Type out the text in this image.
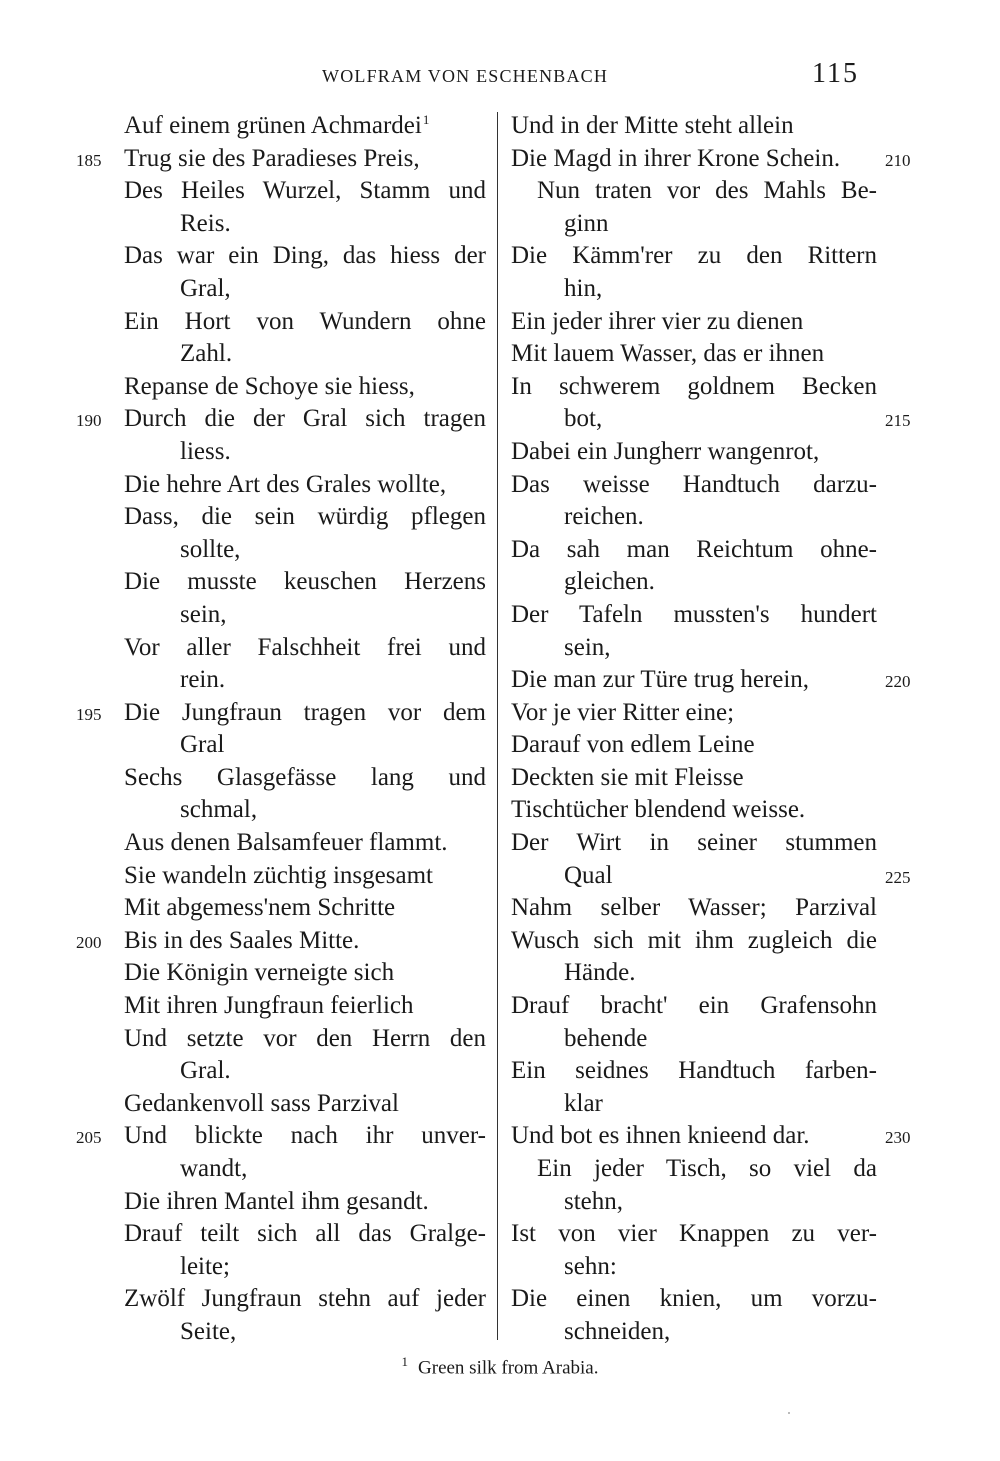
WOLFRAM VON ESCHENBACH	115
Auf einem grünen Achmardei$^1$
Trug sie des Paradieses Preis,
185
Des Heiles Wurzel, Stamm und
Reis.
Das war ein Ding, das hiess der
Gral,
Ein Hort von Wundern ohne
Zahl.
Repanse de Schoye sie hiess,
Durch die der Gral sich tragen
190
liess.
Die hehre Art des Grales wollte,
Dass, die sein würdig pflegen
sollte,
Die musste keuschen Herzens
sein,
Vor aller Falschheit frei und
rein.
Die Jungfraun tragen vor dem
195
Gral
Sechs Glasgefässe lang und
schmal,
Aus denen Balsamfeuer flammt.
Sie wandeln züchtig insgesamt
Mit abgemess'nem Schritte
Bis in des Saales Mitte.
200
Die Königin verneigte sich
Mit ihren Jungfraun feierlich
Und setzte vor den Herrn den
Gral.
Gedankenvoll sass Parzival
Und blickte nach ihr unver-
205
wandt,
Die ihren Mantel ihm gesandt.
Drauf teilt sich all das Gralge-
leite;
Zwölf Jungfraun stehn auf jeder
Seite,
Und in der Mitte steht allein
Die Magd in ihrer Krone Schein.	210
Nun traten vor des Mahls Be-
ginn
Die Kämm'rer zu den Rittern
hin,
Ein jeder ihrer vier zu dienen
Mit lauem Wasser, das er ihnen
In schwerem goldnem Becken
bot,	215
Dabei ein Jungherr wangenrot,
Das weisse Handtuch darzu-
reichen.
Da sah man Reichtum ohne-
gleichen.
Der Tafeln mussten's hundert
sein,
Die man zur Türe trug herein,	220
Vor je vier Ritter eine;
Darauf von edlem Leine
Deckten sie mit Fleisse
Tischtücher blendend weisse.
Der Wirt in seiner stummen
Qual	225
Nahm selber Wasser; Parzival
Wusch sich mit ihm zugleich die
Hände.
Drauf bracht' ein Grafensohn
behende
Ein seidnes Handtuch farben-
klar
Und bot es ihnen knieend dar.	230
Ein jeder Tisch, so viel da
stehn,
Ist von vier Knappen zu ver-
sehn:
Die einen knien, um vorzu-
schneiden,
$^1$ Green silk from Arabia.
